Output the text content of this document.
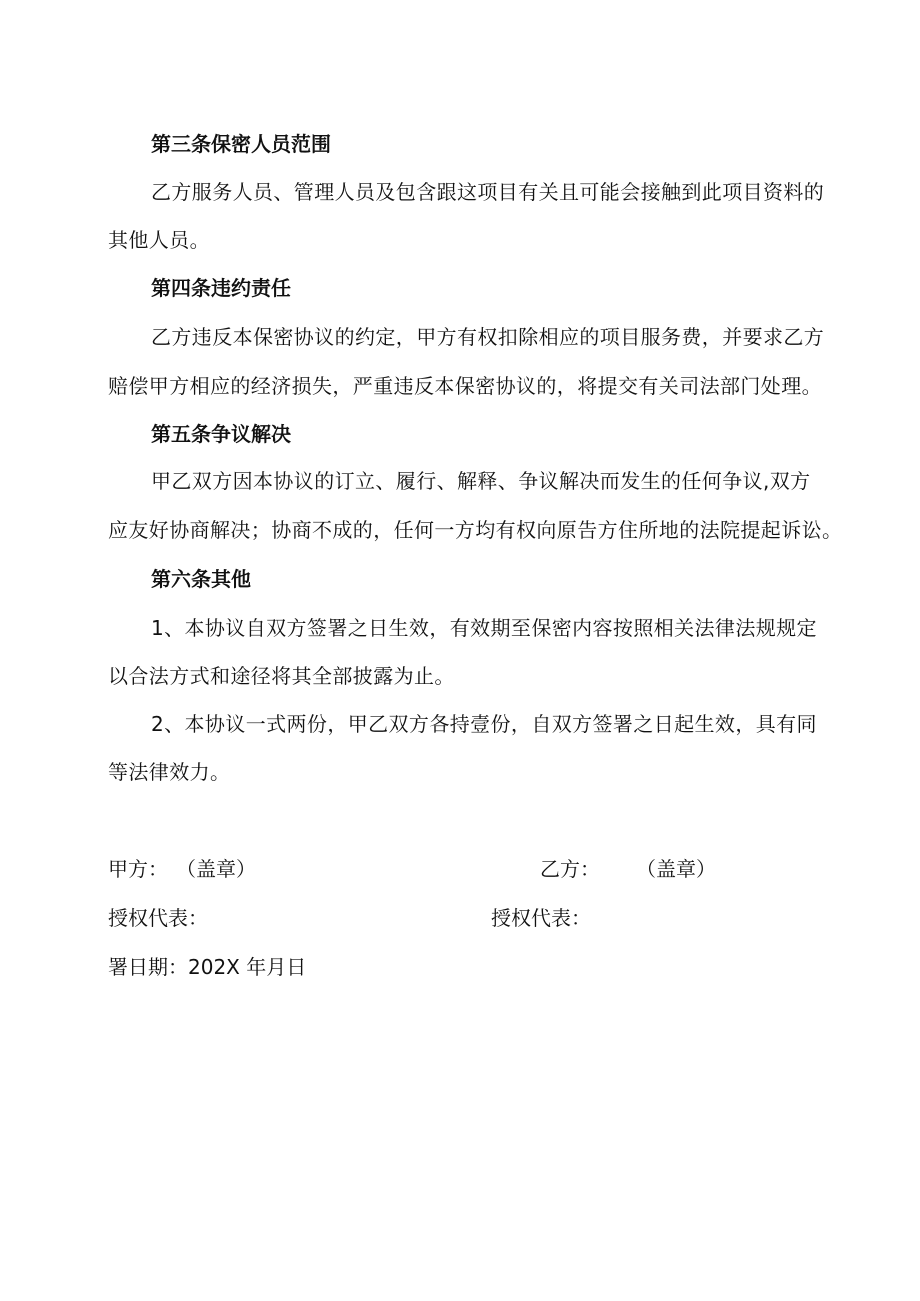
第三条保密人员范围
乙方服务人员、管理人员及包含跟这项目有关且可能会接触到此项目资料的
其他人员。
第四条违约责任
乙方违反本保密协议的约定，甲方有权扣除相应的项目服务费，并要求乙方
赔偿甲方相应的经济损失，严重违反本保密协议的，将提交有关司法部门处理。
第五条争议解决
甲乙双方因本协议的订立、履行、解释、争议解决而发生的任何争议,双方
应友好协商解决；协商不成的，任何一方均有权向原告方住所地的法院提起诉讼。
第六条其他
1、本协议自双方签署之日生效，有效期至保密内容按照相关法律法规规定
以合法方式和途径将其全部披露为止。
2、本协议一式两份，甲乙双方各持壹份，自双方签署之日起生效，具有同
等法律效力。
甲方： （盖章）	乙方： （盖章）
授权代表：	授权代表：
署日期：202X 年月日
